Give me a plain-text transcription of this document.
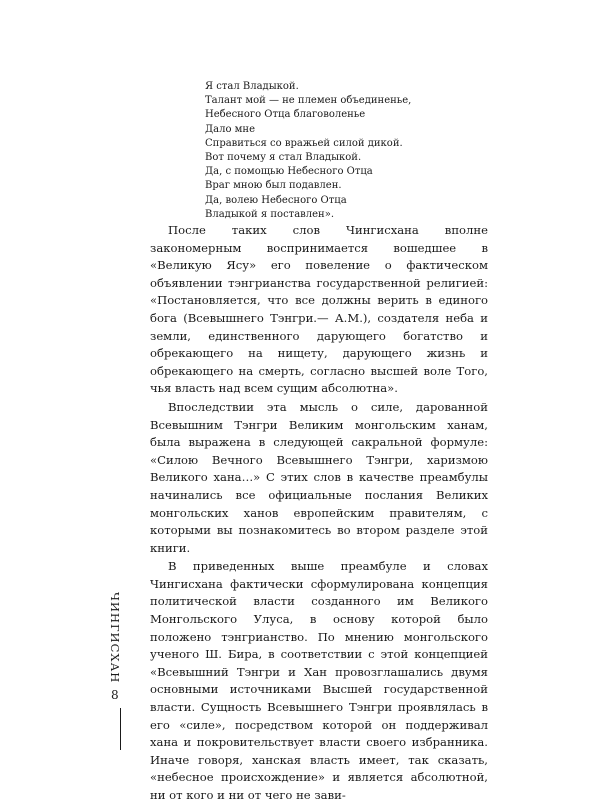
Я стал Владыкой.
Талант мой — не племен объединенье,
Небесного Отца благоволенье
Дало мне
Справиться со вражьей силой дикой.
Вот почему я стал Владыкой.
Да, с помощью Небесного Отца
Враг мною был подавлен.
Да, волею Небесного Отца
Владыкой я поставлен».

После таких слов Чингисхана вполне закономерным воспринимается вошедшее в «Великую Ясу» его повеление о фактическом объявлении тэнгрианства государственной религией: «Постановляется, что все должны верить в единого бога (Всевышнего Тэнгри.— А.М.), создателя неба и земли, единственного дарующего богатство и обрекающего на нищету, дарующего жизнь и обрекающего на смерть, согласно высшей воле Того, чья власть над всем сущим абсолютна».

Впоследствии эта мысль о силе, дарованной Всевышним Тэнгри Великим монгольским ханам, была выражена в следующей сакральной формуле: «Силою Вечного Всевышнего Тэнгри, харизмою Великого хана…» С этих слов в качестве преамбулы начинались все официальные послания Великих монгольских ханов европейским правителям, с которыми вы познакомитесь во втором разделе этой книги.

В приведенных выше преамбуле и словах Чингисхана фактически сформулирована концепция политической власти созданного им Великого Монгольского Улуса, в основу которой было положено тэнгрианство. По мнению монгольского ученого Ш. Бира, в соответствии с этой концепцией «Всевышний Тэнгри и Хан провозглашались двумя основными источниками Высшей государственной власти. Сущность Всевышнего Тэнгри проявлялась в его «силе», посредством которой он поддерживал хана и покровительствует власти своего избранника. Иначе говоря, ханская власть имеет, так сказать, «небесное происхождение» и является абсолютной, ни от кого и ни от чего не зави-

ЧИНГИСХАН
8
